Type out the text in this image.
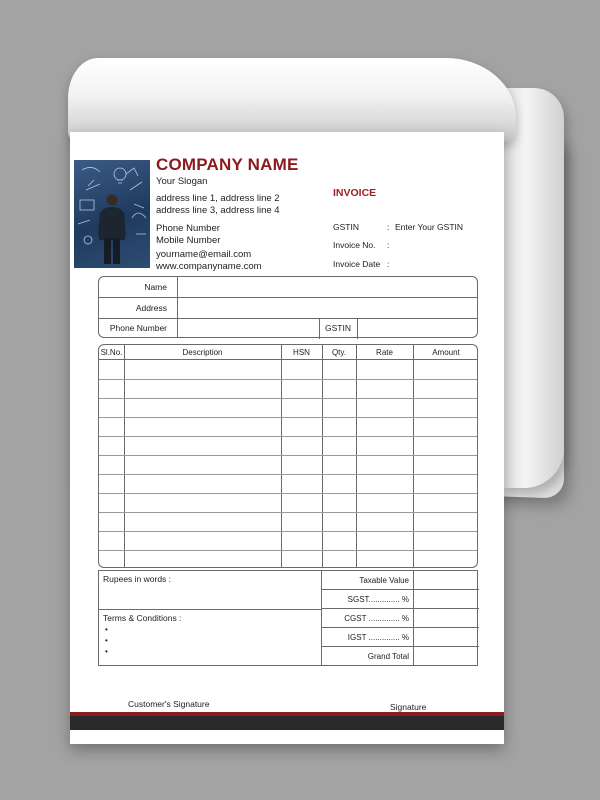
COMPANY NAME
Your Slogan
address line 1, address line 2
address line 3, address line 4
Phone Number
Mobile Number
yourname@email.com
www.companyname.com
INVOICE
GSTIN	: Enter Your GSTIN
Invoice No. :
Invoice Date :
Name
Address
Phone Number	GSTIN
Sl.No.	Description	HSN	Qty.	Rate	Amount
Rupees in words :
Terms & Conditions :
•
•
•
Taxable Value
SGST.............. %
CGST .............. %
IGST .............. %
Grand Total
Customer's Signature	Signature
